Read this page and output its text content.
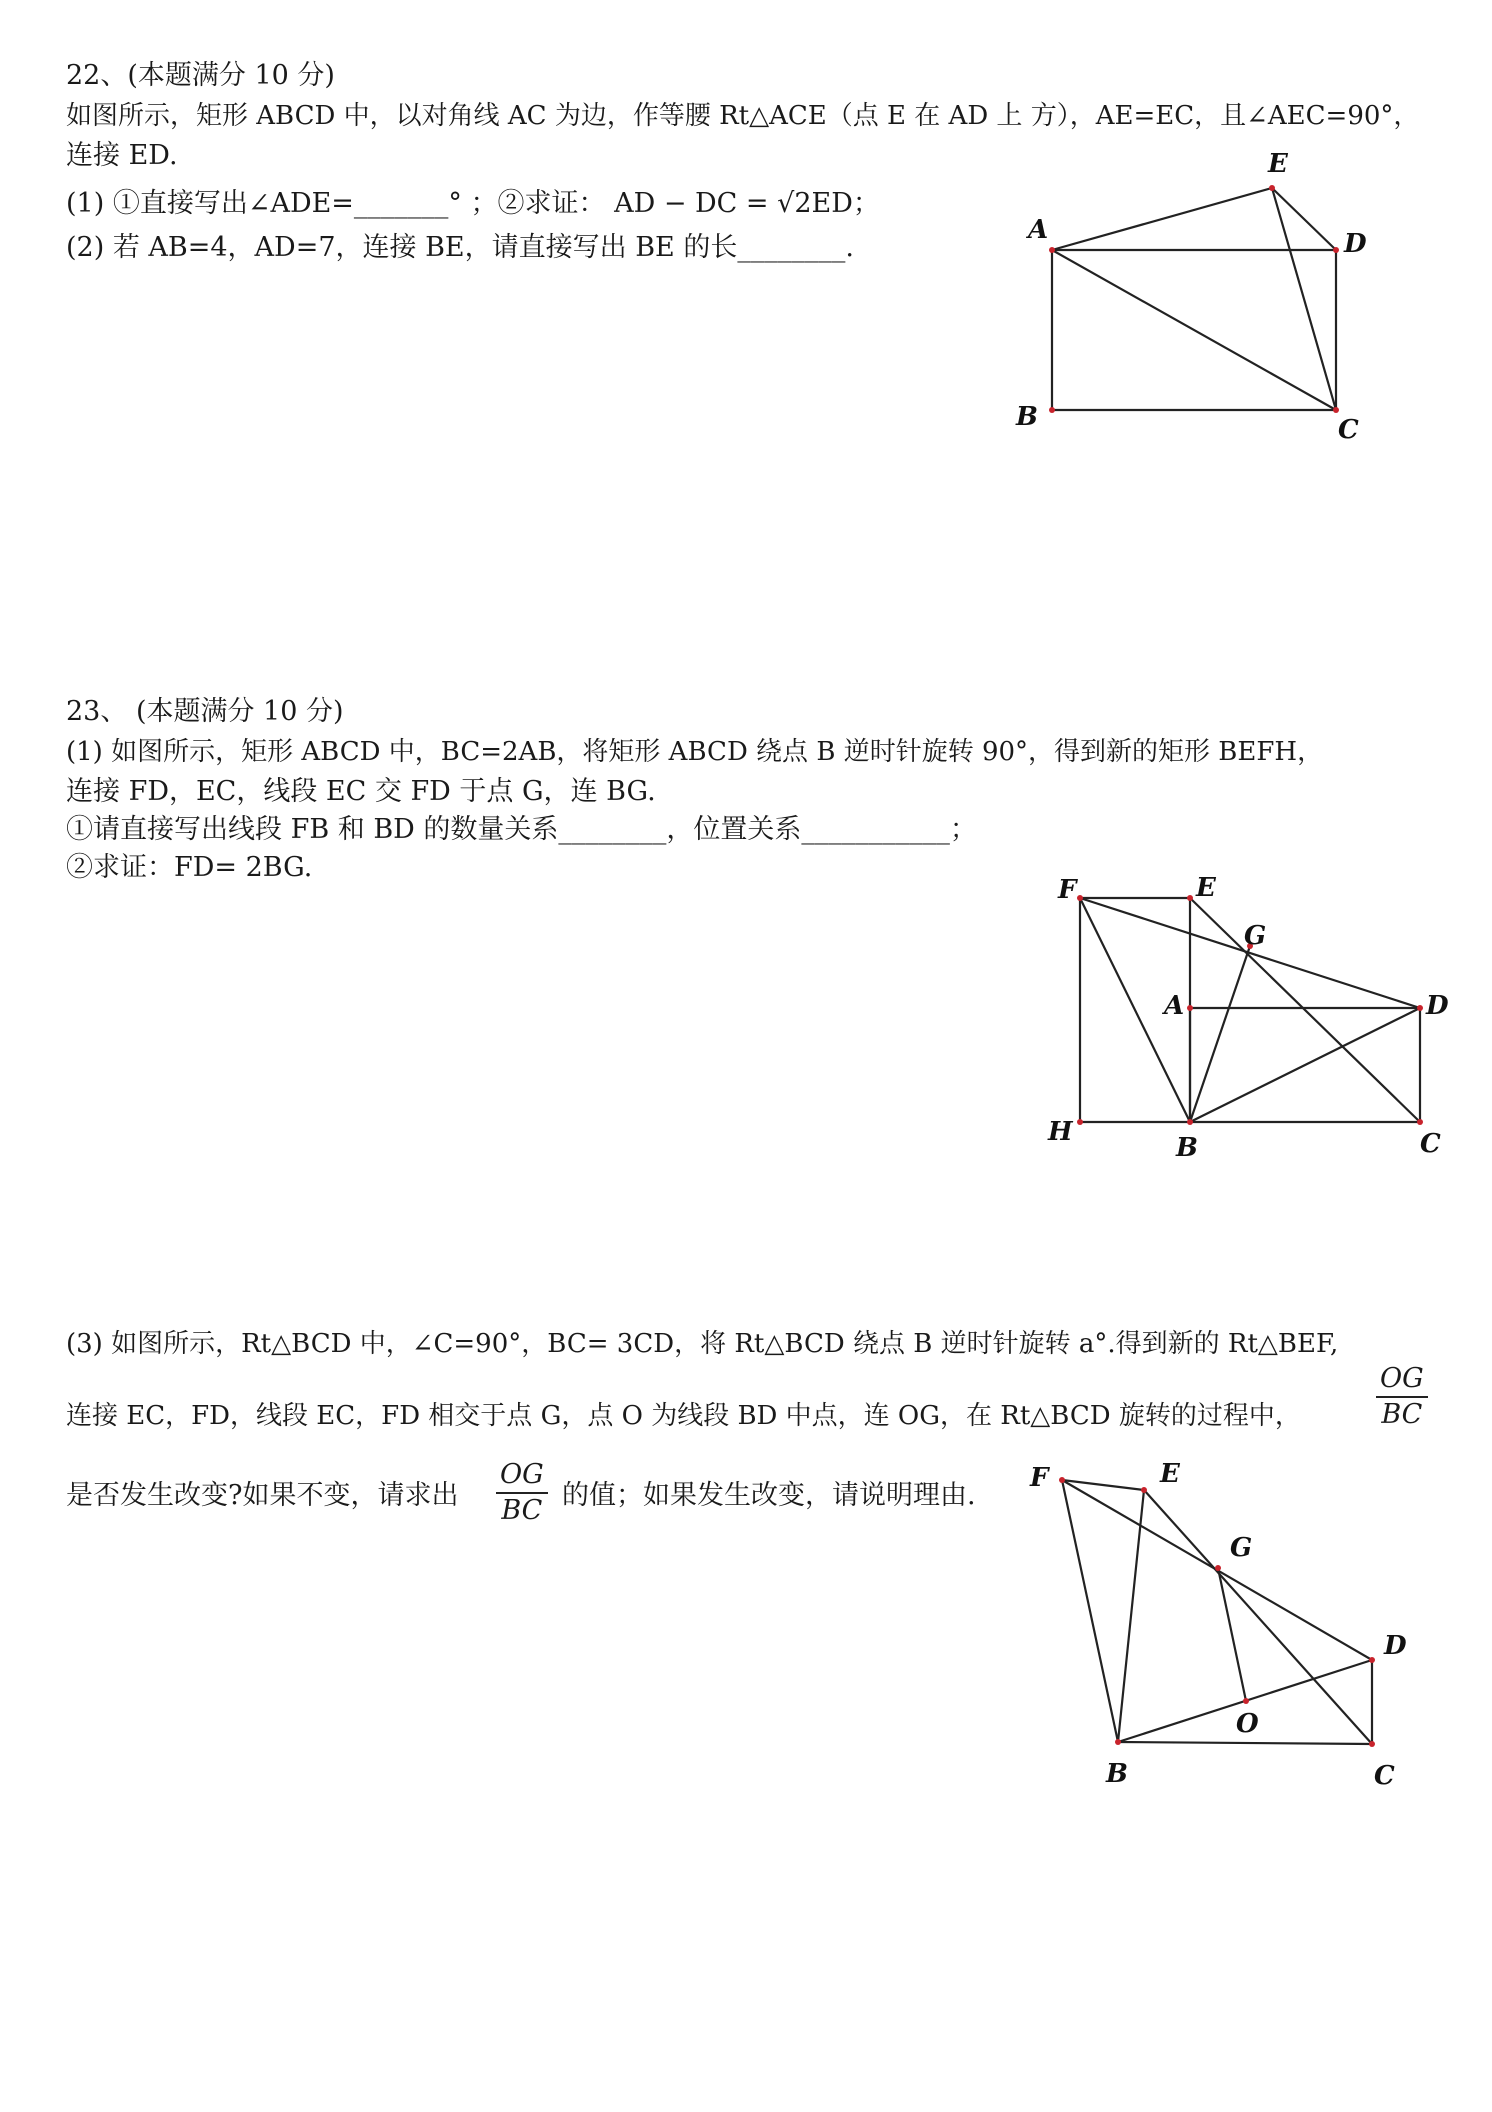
22、(本题满分 10 分)
如图所示，矩形 ABCD 中，以对角线 AC 为边，作等腰 Rt△ACE（点 E 在 AD 上 方），AE=EC，且∠AEC=90°，
连接 ED.
(1) ①直接写出∠ADE=_______° ；②求证： AD − DC = √2ED；
(2) 若 AB=4，AD=7，连接 BE，请直接写出 BE 的长________.
E
A	D
B	C
23、 (本题满分 10 分)
(1) 如图所示，矩形 ABCD 中，BC=2AB，将矩形 ABCD 绕点 B 逆时针旋转 90°，得到新的矩形 BEFH，
连接 FD，EC，线段 EC 交 FD 于点 G，连 BG.
①请直接写出线段 FB 和 BD 的数量关系________，位置关系___________；
②求证：FD= 2BG.
F	E
G
A	D
H
B	C
(3) 如图所示，Rt△BCD 中，∠C=90°，BC= 3CD，将 Rt△BCD 绕点 B 逆时针旋转 a°.得到新的 Rt△BEF,
连接 EC，FD，线段 EC，FD 相交于点 G，点 O 为线段 BD 中点，连 OG，在 Rt△BCD 旋转的过程中，	$\frac{OG}{BC}$
是否发生改变?如果不变，请求出 $\frac{OG}{BC}$ 的值；如果发生改变，请说明理由.
F	E
G
D
O
B	C
